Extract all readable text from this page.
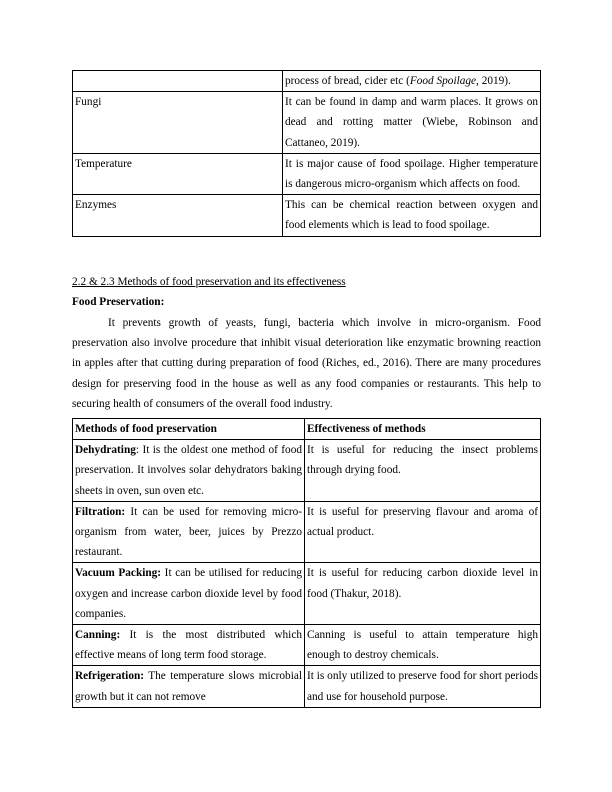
	process of bread, cider etc (Food Spoilage, 2019).
Fungi	It can be found in damp and warm places. It grows on dead and rotting matter (Wiebe, Robinson and Cattaneo, 2019).
Temperature	It is major cause of food spoilage. Higher temperature is dangerous micro-organism which affects on food.
Enzymes	This can be chemical reaction between oxygen and food elements which is lead to food spoilage.
2.2 & 2.3 Methods of food preservation and its effectiveness
Food Preservation:

It prevents growth of yeasts, fungi, bacteria which involve in micro-organism. Food preservation also involve procedure that inhibit visual deterioration like enzymatic browning reaction in apples after that cutting during preparation of food (Riches, ed., 2016). There are many procedures design for preserving food in the house as well as any food companies or restaurants. This help to securing health of consumers of the overall food industry.

Methods of food preservation	Effectiveness of methods
Dehydrating: It is the oldest one method of food preservation. It involves solar dehydrators baking sheets in oven, sun oven etc.	It is useful for reducing the insect problems through drying food.
Filtration: It can be used for removing micro-organism from water, beer, juices by Prezzo restaurant.	It is useful for preserving flavour and aroma of actual product.
Vacuum Packing: It can be utilised for reducing oxygen and increase carbon dioxide level by food companies.	It is useful for reducing carbon dioxide level in food (Thakur, 2018).
Canning: It is the most distributed which effective means of long term food storage.	Canning is useful to attain temperature high enough to destroy chemicals.
Refrigeration: The temperature slows microbial growth but it can not remove	It is only utilized to preserve food for short periods and use for household purpose.
